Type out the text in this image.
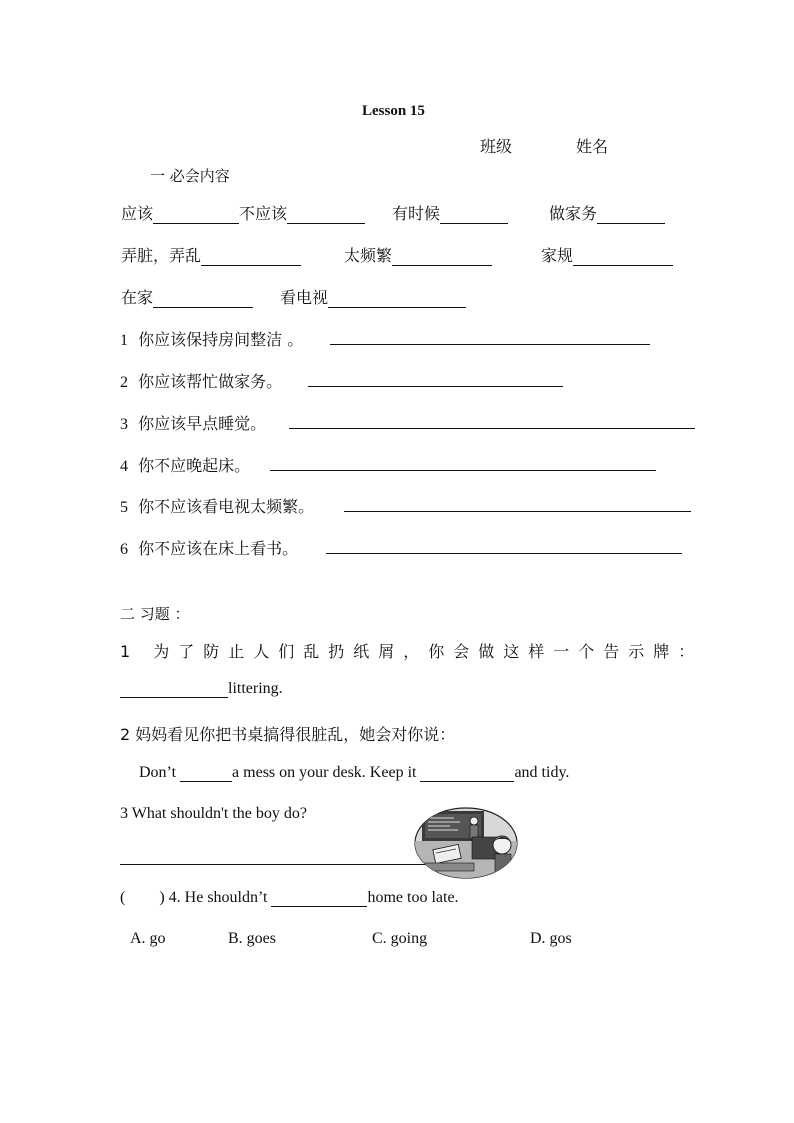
Lesson 15
班级	姓名
一 必会内容
应该	不应该	有时候	做家务
弄脏，弄乱	太频繁	家规
在家	看电视
1 你应该保持房间整洁 。
2 你应该帮忙做家务。
3 你应该早点睡觉。
4 你不应晚起床。
5 你不应该看电视太频繁。
6 你不应该在床上看书。
二 习题 ：
1 为了防止人们乱扔纸屑，你会做这样一个告示牌：
littering.
2 妈妈看见你把书桌搞得很脏乱，她会对你说：
Don’t	a mess on your desk. Keep it	and tidy.
3 What shouldn't the boy do?
( ) 4. He shouldn’t	home too late.
A. go	B. goes	C. going	D. gos
